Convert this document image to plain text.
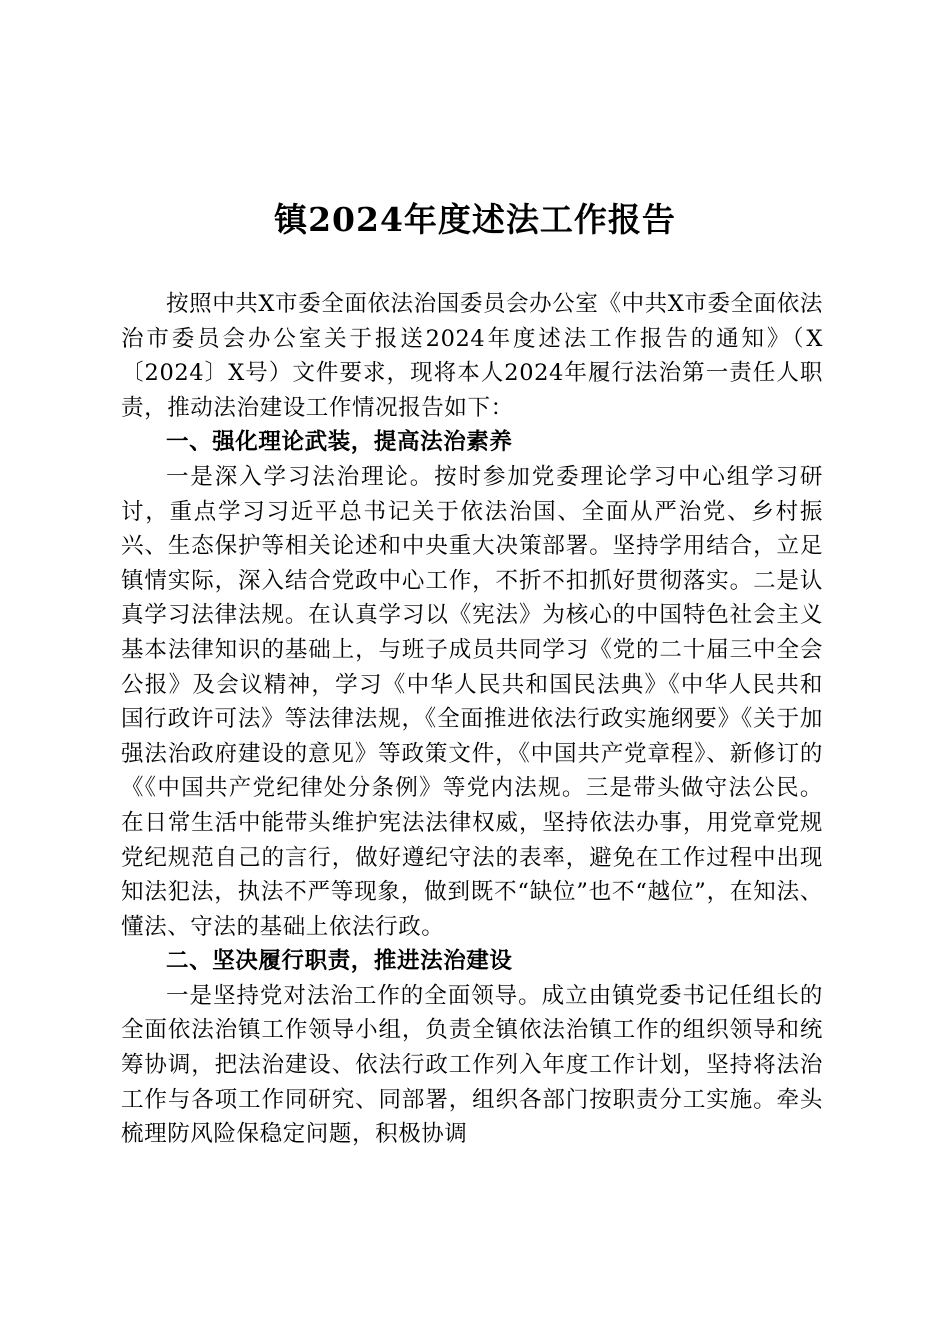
镇2024年度述法工作报告

按照中共X市委全面依法治国委员会办公室《中共X市委全面依法治市委员会办公室关于报送2024年度述法工作报告的通知》（X〔2024〕X号）文件要求，现将本人2024年履行法治第一责任人职责，推动法治建设工作情况报告如下：

一、强化理论武装，提高法治素养

一是深入学习法治理论。按时参加党委理论学习中心组学习研讨，重点学习习近平总书记关于依法治国、全面从严治党、乡村振兴、生态保护等相关论述和中央重大决策部署。坚持学用结合，立足镇情实际，深入结合党政中心工作，不折不扣抓好贯彻落实。二是认真学习法律法规。在认真学习以《宪法》为核心的中国特色社会主义基本法律知识的基础上，与班子成员共同学习《党的二十届三中全会公报》及会议精神，学习《中华人民共和国民法典》《中华人民共和国行政许可法》等法律法规，《全面推进依法行政实施纲要》《关于加强法治政府建设的意见》等政策文件，《中国共产党章程》、新修订的《《中国共产党纪律处分条例》等党内法规。三是带头做守法公民。在日常生活中能带头维护宪法法律权威，坚持依法办事，用党章党规党纪规范自己的言行，做好遵纪守法的表率，避免在工作过程中出现知法犯法，执法不严等现象，做到既不“缺位”也不“越位”，在知法、懂法、守法的基础上依法行政。

二、坚决履行职责，推进法治建设

一是坚持党对法治工作的全面领导。成立由镇党委书记任组长的全面依法治镇工作领导小组，负责全镇依法治镇工作的组织领导和统筹协调，把法治建设、依法行政工作列入年度工作计划，坚持将法治工作与各项工作同研究、同部署，组织各部门按职责分工实施。牵头梳理防风险保稳定问题，积极协调
